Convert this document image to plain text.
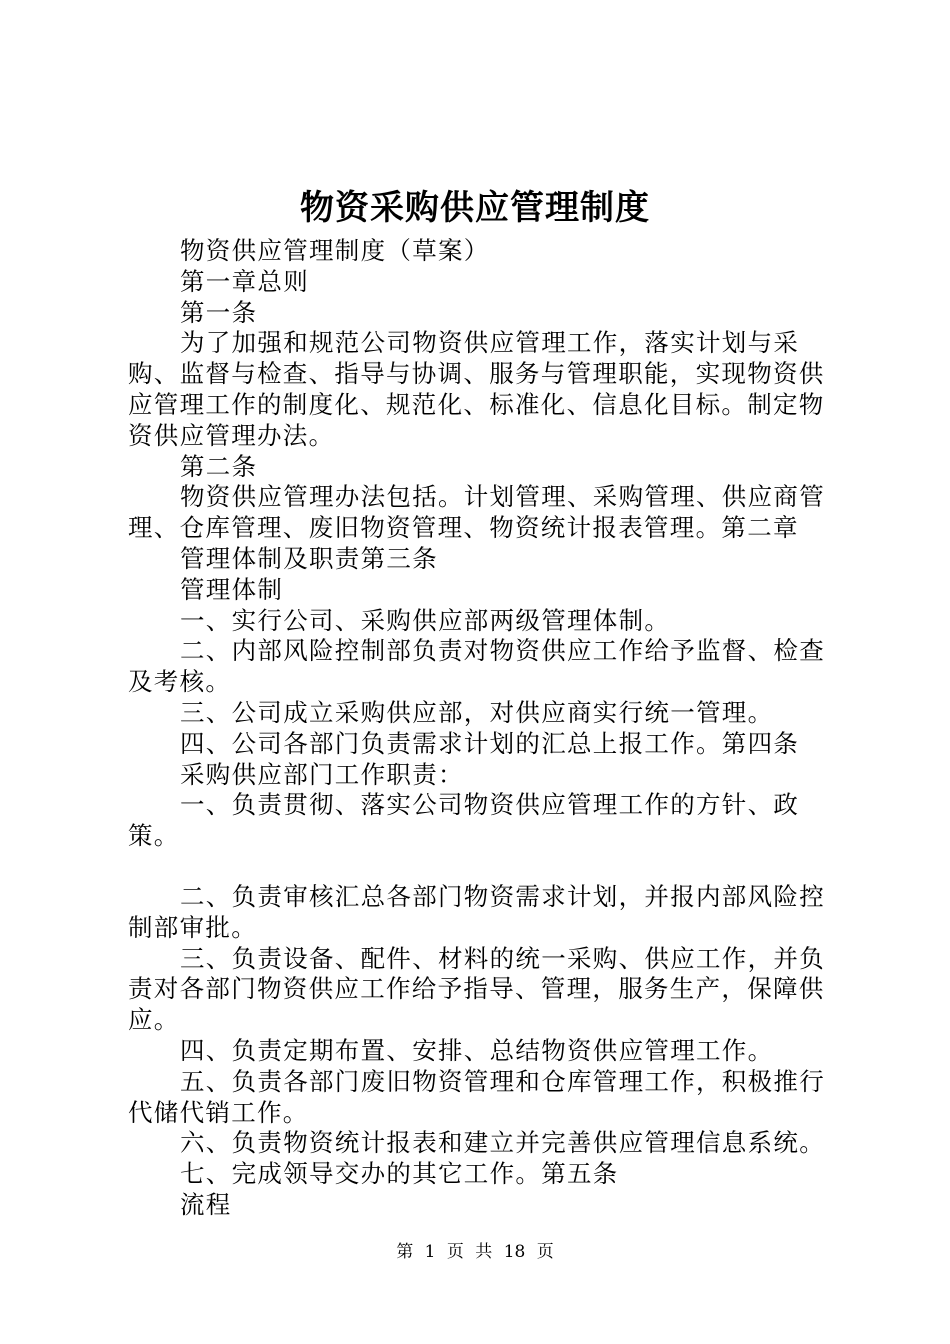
物资采购供应管理制度

物资供应管理制度（草案）

第一章总则

第一条

为了加强和规范公司物资供应管理工作，落实计划与采购、监督与检查、指导与协调、服务与管理职能，实现物资供应管理工作的制度化、规范化、标准化、信息化目标。制定物资供应管理办法。

第二条

物资供应管理办法包括。计划管理、采购管理、供应商管理、仓库管理、废旧物资管理、物资统计报表管理。第二章

管理体制及职责第三条

管理体制

一、实行公司、采购供应部两级管理体制。

二、内部风险控制部负责对物资供应工作给予监督、检查及考核。

三、公司成立采购供应部，对供应商实行统一管理。

四、公司各部门负责需求计划的汇总上报工作。第四条

采购供应部门工作职责：

一、负责贯彻、落实公司物资供应管理工作的方针、政策。

二、负责审核汇总各部门物资需求计划，并报内部风险控制部审批。

三、负责设备、配件、材料的统一采购、供应工作，并负责对各部门物资供应工作给予指导、管理，服务生产，保障供应。

四、负责定期布置、安排、总结物资供应管理工作。

五、负责各部门废旧物资管理和仓库管理工作，积极推行代储代销工作。

六、负责物资统计报表和建立并完善供应管理信息系统。

七、完成领导交办的其它工作。第五条

流程

第 1 页 共 18 页
